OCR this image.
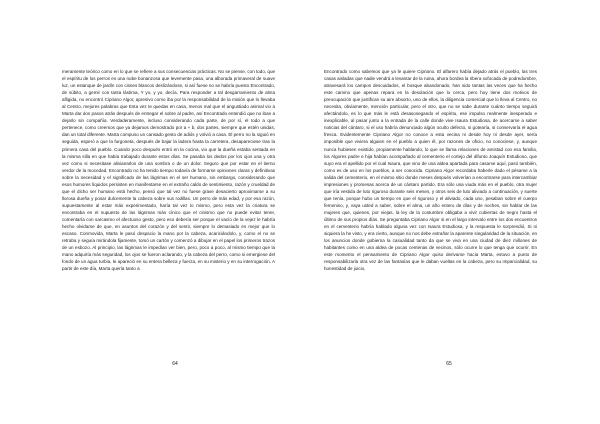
meramente teórico como en lo que se refiere a sus consecuencias prácticas. No se piense, con todo, que el espíritu de los perros es una nube bonanzosa que levemente pasa, una alborada primaveral de suave luz, un estanque de jardín con cisnes blancos deslizándose, si así fuese no se habría puesto Encontrado, de súbito, a gemir con tanta lástima, Y yo, y yo, decía. Para responder a tal desgarramiento de alma afligida, no encontró Cipriano Algor, apresivo como iba por la responsabilidad de la misión que lo llevaba al Centro, mejores palabras que Esta vez te quedas en casa, menos mal que el angustiado animal vio a Marta dar dos pasos atrás después de entregar el sobre al padre, así Encontrado entendió que no iban a dejarlo sin compañía. Verdaderamente, incluso considerando cada parte, de por sí, el todo a que pertenece, como creemos que ya dejamos demostrado por a + b, dos partes, siempre que estén unidas, dan un total diferente. Marta compuso un cansado gesto de adiós y volvió a casa. El perro no la siguió en seguida, esperó a que la furgoneta, después de bajar la ladera hasta la carretera, desapareciese tras la primera casa del pueblo. Cuando poco después entró en la cocina, vio que la dueña estaba sentada en la misma silla en que había trabajado durante estos días. Se pasaba los dedos por los ojos una y otra vez como si necesitase alivianarlos de una sombra o de un dolor. Seguro que por estar en el tierno verdor de la mocedad, Encontrado no ha tenido tiempo todavía de formarse opiniones claras y definitivas sobre la necesidad y el significado de las lágrimas en el ser humano, sin embargo, considerando que esos humores líquidos persisten en manifestarse en el extraño caldo de sentimiento, razón y crueldad de que el dicho ser humano está hecho, pensó que tal vez no fuese grave desacierto aproximarse a su llorosa dueña y posar dulcemente la cabeza sobre sus rodillas. Un perro de más edad, y por esa razón, supuestamente al estar más experimentado, haría tal vez lo mismo, pero esta vez la criatura se encontraba en el supuesto de las lágrimas más cínico que el cinismo que no puede evitar tener, comentaría con sarcasmo el afectuoso gesto, pero eso debería ser porque el vacío de la vejez le habría hecho olvidarse de que, en asuntos del corazón y del sentir, siempre lo demasiado es mejor que lo escaso. Conmovida, Marta le pasó despacio la mano por la cabeza, acariciándolo, y, como el no se retraba y seguía mirándola fijamente, tomó un cartón y comenzó a dibujar en el papel los primeros trazos de un esbozo. Al principio, las lágrimas le impedían ver bien, pero, poco a poco, al mismo tiempo que la mano adquiría más seguridad, los ojos se fueron aclarando, y la cabeza del perro, como si emergiese del fondo de un agua turbia, le apareció en su entera belleza y fuerza, en su misterio y en su interrogación. A partir de este día, Marta quería tanto a

64

Encontrado como sabemos que ya le quiere Cipriano. El alfarero había dejado atrás el pueblo, las tres casas aisladas que nadie vendrá a levantar de la ruina, ahora bordea la ribera sofocada de podredumbre, atravesará los campos descuidados, el bosque abandonado, han sido tantas las veces que ha hecho este camino que apenas repara en la desolación que lo cerca, pero hoy tiene dos motivos de preocupación que justifican su aire absorto, uno de ellos, la diligencia comercial que lo lleva al Centro, no necesita, obviamente, mención particular, pero el otro, que no se sabe durante cuánto tiempo seguirá afectándolo, es lo que más le está desasosegando el espíritu, ese impulso realmente inesperado e inexplicable, al pasar junto a la entrada de la calle donde vive Isaura Estudiosa, de acercarse a saber noticias del cántaro, si el uso habría denunciado algún oculto defecto, si gotearía, si conservaría el agua fresca. Evidentemente Cipriano Algor no conoce a esta vecina ni desde hoy ni desde ayer, sería imposible que viviera alguien en el pueblo a quien él, por razones de oficio, no conociese, y, aunque nunca hubiesen existido, propiamente hablando, lo que se llama relaciones de amistad con esa familia, los Algores padre e hija habían acompañado al cementerio el cortejo del difunto Joaquín Estudioso, que suyo era el apellido por el cual Isaura, que vino de una aldea apartada para casarse aquí, pasó también, como es de uso en los pueblos, a ser conocida. Cipriano Algor recordaba haberle dado el pésame a la salida del cementerio, en el mismo sitio donde meses después volverían a encontrarse para intercambiar impresiones y promesas acerca de un cántaro partido. Era sólo una viuda más en el pueblo, otra mujer que iría vestida de luto riguroso durante seis meses, y otros seis de luto aliviado a continuación, y suerte que tenía, porque hubo un tiempo en que el riguroso y el aliviado, cada uno, pesaban sobre el cuerpo femenino, y, vaya usted a saber, sobre el alma, un año entero de días y de noches, sin hablar de las mujeres que, quienes, por viejas, la ley de la costumbre obligaba a vivir cubiertas de negro hasta el último de sus propios días. Se preguntaba Cipriano Algor si en el largo intervalo entre los dos encuentros en el cementerio habría hablado alguna vez con Isaura Estudiosa, y la respuesta le sorprendió, Si ni siquiera la he visto, y era cierto, aunque no nos debe extrañar la aparente singularidad de la situación, en los anuncios donde gobierna la casualidad tanto da que se viva en una ciudad de diez millones de habitantes como en una aldea de pocas centenas de vecinos, sólo ocurre lo que tenga que ocurrir. En este momento el pensamiento de Cipriano Algor quiso derivarse hacia Marta, estuvo a punto de responsabilizarla otra vez de las fantasías que le daban vueltas en la cabeza, pero su imparcialidad, su honestidad de juicio,

65
